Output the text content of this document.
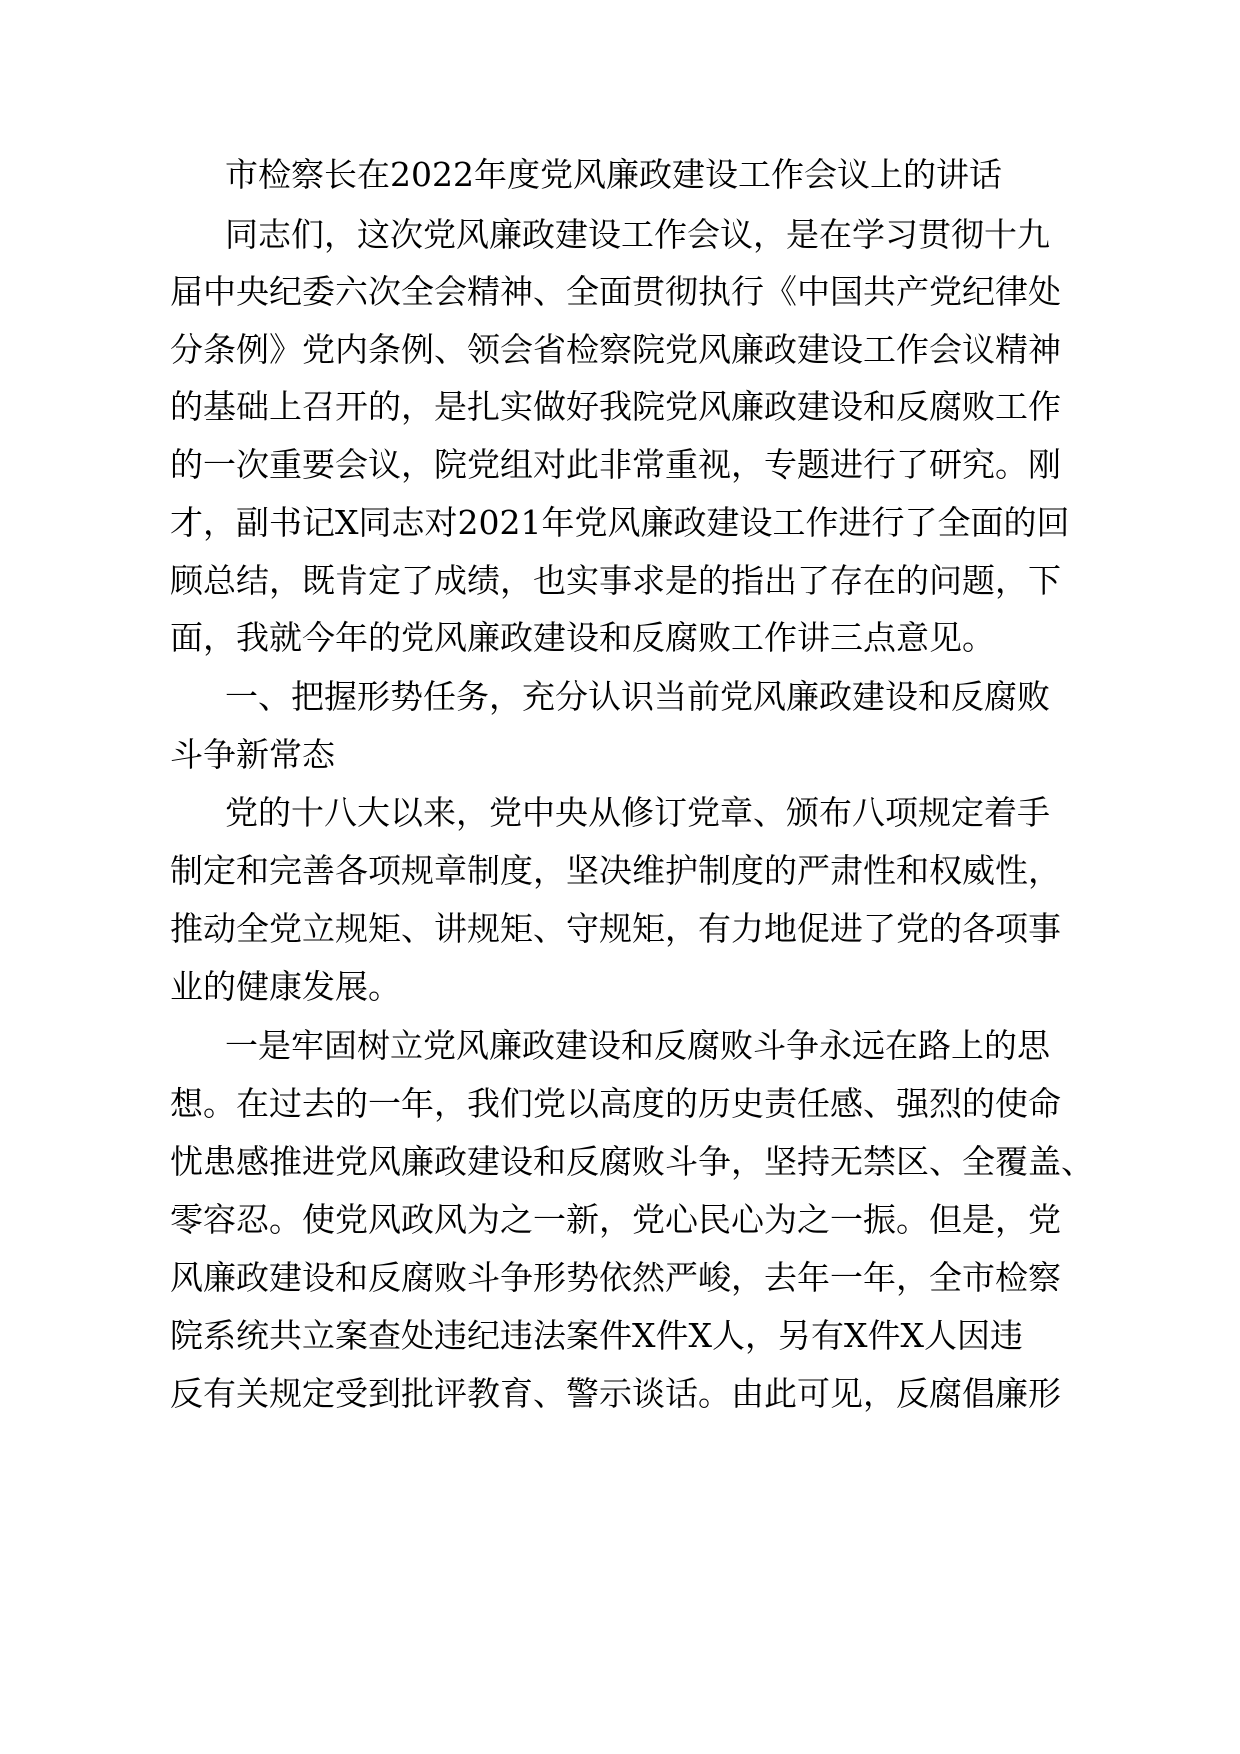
市检察长在2022年度党风廉政建设工作会议上的讲话

同志们，这次党风廉政建设工作会议，是在学习贯彻十九

届中央纪委六次全会精神、全面贯彻执行《中国共产党纪律处

分条例》党内条例、领会省检察院党风廉政建设工作会议精神

的基础上召开的，是扎实做好我院党风廉政建设和反腐败工作

的一次重要会议，院党组对此非常重视，专题进行了研究。刚

才，副书记X同志对2021年党风廉政建设工作进行了全面的回

顾总结，既肯定了成绩，也实事求是的指出了存在的问题，下

面，我就今年的党风廉政建设和反腐败工作讲三点意见。

一、把握形势任务，充分认识当前党风廉政建设和反腐败

斗争新常态

党的十八大以来，党中央从修订党章、颁布八项规定着手

制定和完善各项规章制度，坚决维护制度的严肃性和权威性，

推动全党立规矩、讲规矩、守规矩，有力地促进了党的各项事

业的健康发展。

一是牢固树立党风廉政建设和反腐败斗争永远在路上的思

想。在过去的一年，我们党以高度的历史责任感、强烈的使命

忧患感推进党风廉政建设和反腐败斗争，坚持无禁区、全覆盖、

零容忍。使党风政风为之一新，党心民心为之一振。但是，党

风廉政建设和反腐败斗争形势依然严峻，去年一年，全市检察

院系统共立案查处违纪违法案件X件X人，另有X件X人因违

反有关规定受到批评教育、警示谈话。由此可见，反腐倡廉形
